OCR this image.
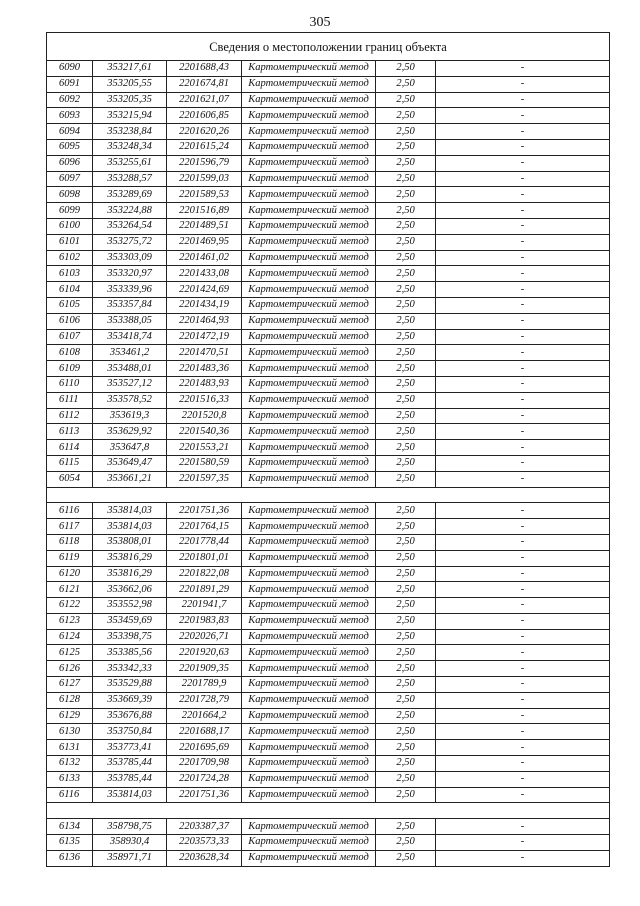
305
Сведения о местоположении границ объекта					
6090	353217,61	2201688,43	Картометрический метод	2,50	-
6091	353205,55	2201674,81	Картометрический метод	2,50	-
6092	353205,35	2201621,07	Картометрический метод	2,50	-
6093	353215,94	2201606,85	Картометрический метод	2,50	-
6094	353238,84	2201620,26	Картометрический метод	2,50	-
6095	353248,34	2201615,24	Картометрический метод	2,50	-
6096	353255,61	2201596,79	Картометрический метод	2,50	-
6097	353288,57	2201599,03	Картометрический метод	2,50	-
6098	353289,69	2201589,53	Картометрический метод	2,50	-
6099	353224,88	2201516,89	Картометрический метод	2,50	-
6100	353264,54	2201489,51	Картометрический метод	2,50	-
6101	353275,72	2201469,95	Картометрический метод	2,50	-
6102	353303,09	2201461,02	Картометрический метод	2,50	-
6103	353320,97	2201433,08	Картометрический метод	2,50	-
6104	353339,96	2201424,69	Картометрический метод	2,50	-
6105	353357,84	2201434,19	Картометрический метод	2,50	-
6106	353388,05	2201464,93	Картометрический метод	2,50	-
6107	353418,74	2201472,19	Картометрический метод	2,50	-
6108	353461,2	2201470,51	Картометрический метод	2,50	-
6109	353488,01	2201483,36	Картометрический метод	2,50	-
6110	353527,12	2201483,93	Картометрический метод	2,50	-
6111	353578,52	2201516,33	Картометрический метод	2,50	-
6112	353619,3	2201520,8	Картометрический метод	2,50	-
6113	353629,92	2201540,36	Картометрический метод	2,50	-
6114	353647,8	2201553,21	Картометрический метод	2,50	-
6115	353649,47	2201580,59	Картометрический метод	2,50	-
6054	353661,21	2201597,35	Картометрический метод	2,50	-

6116	353814,03	2201751,36	Картометрический метод	2,50	-
6117	353814,03	2201764,15	Картометрический метод	2,50	-
6118	353808,01	2201778,44	Картометрический метод	2,50	-
6119	353816,29	2201801,01	Картометрический метод	2,50	-
6120	353816,29	2201822,08	Картометрический метод	2,50	-
6121	353662,06	2201891,29	Картометрический метод	2,50	-
6122	353552,98	2201941,7	Картометрический метод	2,50	-
6123	353459,69	2201983,83	Картометрический метод	2,50	-
6124	353398,75	2202026,71	Картометрический метод	2,50	-
6125	353385,56	2201920,63	Картометрический метод	2,50	-
6126	353342,33	2201909,35	Картометрический метод	2,50	-
6127	353529,88	2201789,9	Картометрический метод	2,50	-
6128	353669,39	2201728,79	Картометрический метод	2,50	-
6129	353676,88	2201664,2	Картометрический метод	2,50	-
6130	353750,84	2201688,17	Картометрический метод	2,50	-
6131	353773,41	2201695,69	Картометрический метод	2,50	-
6132	353785,44	2201709,98	Картометрический метод	2,50	-
6133	353785,44	2201724,28	Картометрический метод	2,50	-
6116	353814,03	2201751,36	Картометрический метод	2,50	-

6134	358798,75	2203387,37	Картометрический метод	2,50	-
6135	358930,4	2203573,33	Картометрический метод	2,50	-
6136	358971,71	2203628,34	Картометрический метод	2,50	-
